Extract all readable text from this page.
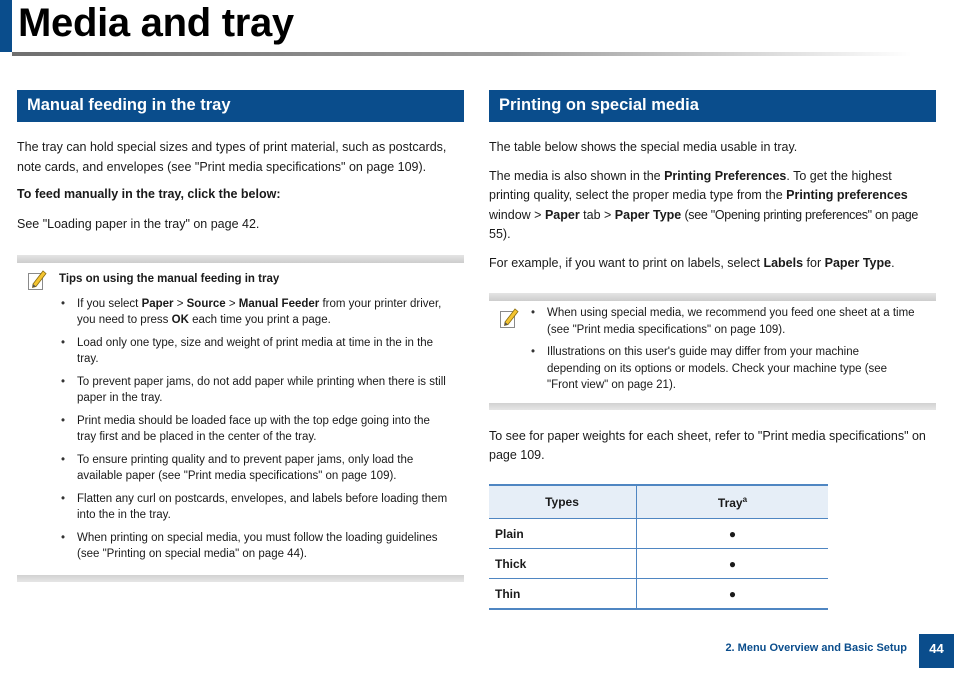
Media and tray
Manual feeding in the tray

The tray can hold special sizes and types of print material, such as postcards,

note cards, and envelopes (see "Print media specifications" on page 109).

To feed manually in the tray, click the below:

See "Loading paper in the tray" on page 42.

Tips on using the manual feeding in tray

• If you select Paper > Source > Manual Feeder from your printer driver,
you need to press OK each time you print a page.
• Load only one type, size and weight of print media at time in the in the
tray.
• To prevent paper jams, do not add paper while printing when there is still
paper in the tray.
• Print media should be loaded face up with the top edge going into the
tray first and be placed in the center of the tray.
• To ensure printing quality and to prevent paper jams, only load the
available paper (see "Print media specifications" on page 109).
• Flatten any curl on postcards, envelopes, and labels before loading them
into the in the tray.
• When printing on special media, you must follow the loading guidelines
(see "Printing on special media" on page 44).
Printing on special media

The table below shows the special media usable in tray.

The media is also shown in the Printing Preferences. To get the highest
printing quality, select the proper media type from the Printing preferences
window > Paper tab > Paper Type (see "Opening printing preferences" on page
55).

For example, if you want to print on labels, select Labels for Paper Type.

• When using special media, we recommend you feed one sheet at a time
(see "Print media specifications" on page 109).
• Illustrations on this user's guide may differ from your machine
depending on its options or models. Check your machine type (see
"Front view" on page 21).

To see for paper weights for each sheet, refer to "Print media specifications" on
page 109.

Types	Tray$^a$
Plain	●
Thick	●
Thin	●
2. Menu Overview and Basic Setup	44
